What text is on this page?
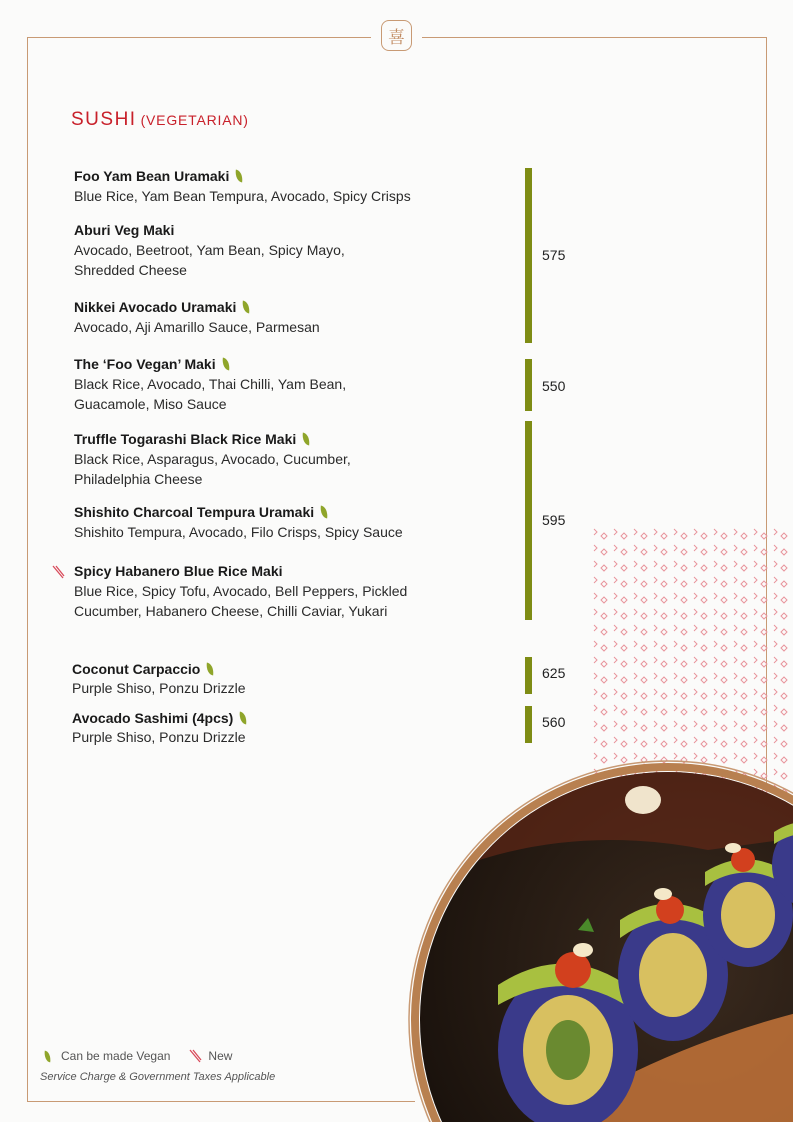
喜
SUSHI (VEGETARIAN)
Foo Yam Bean Uramaki
Blue Rice, Yam Bean Tempura, Avocado, Spicy Crisps
Aburi Veg Maki
Avocado, Beetroot, Yam Bean, Spicy Mayo,
Shredded Cheese
Nikkei Avocado Uramaki
Avocado, Aji Amarillo Sauce, Parmesan
575
The ‘Foo Vegan’ Maki
Black Rice, Avocado, Thai Chilli, Yam Bean,
Guacamole, Miso Sauce
550
Truffle Togarashi Black Rice Maki
Black Rice, Asparagus, Avocado, Cucumber,
Philadelphia Cheese
Shishito Charcoal Tempura Uramaki
Shishito Tempura, Avocado, Filo Crisps, Spicy Sauce
Spicy Habanero Blue Rice Maki
Blue Rice, Spicy Tofu, Avocado, Bell Peppers, Pickled
Cucumber, Habanero Cheese, Chilli Caviar, Yukari
595
Coconut Carpaccio
Purple Shiso, Ponzu Drizzle
625
Avocado Sashimi (4pcs)
Purple Shiso, Ponzu Drizzle
560
Can be made Vegan	New
Service Charge & Government Taxes Applicable
